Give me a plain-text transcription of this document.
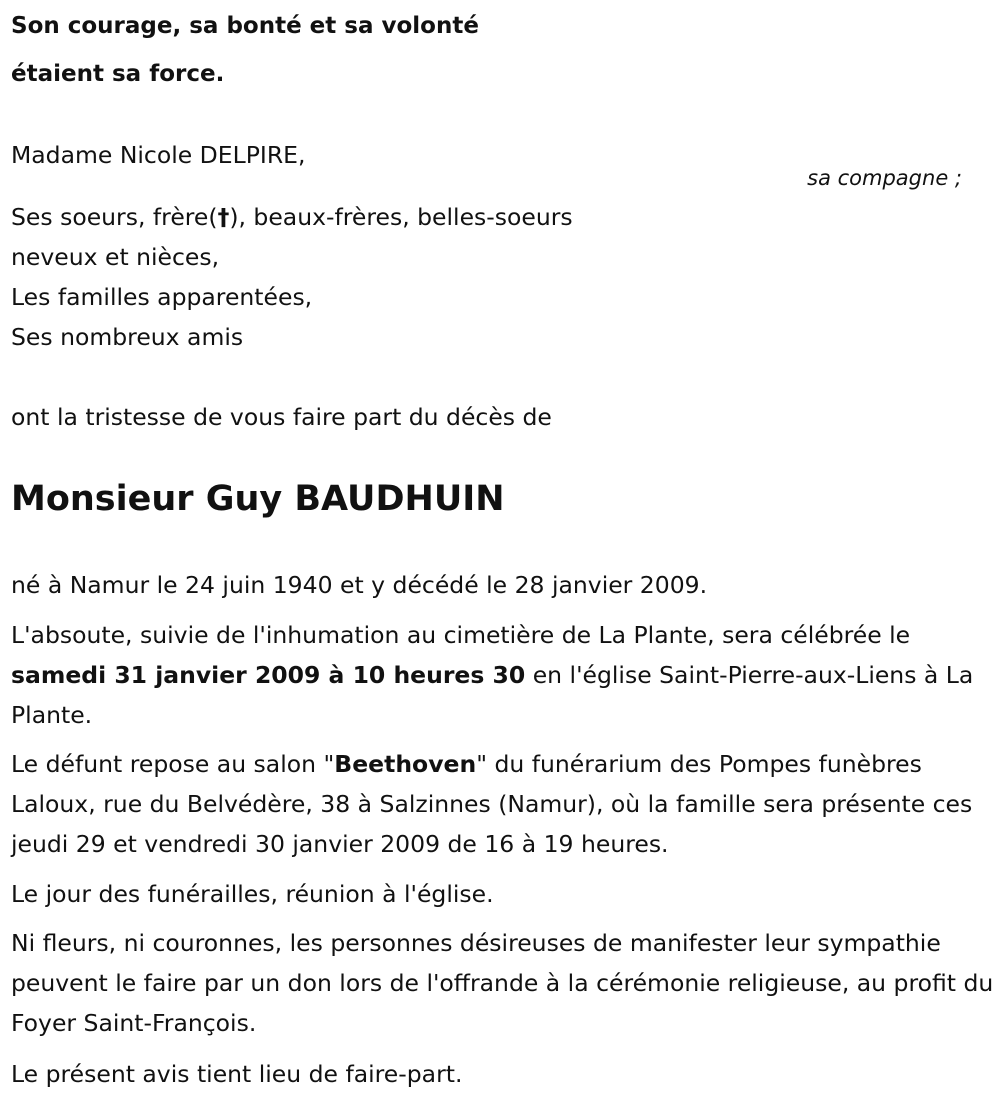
Son courage, sa bonté et sa volonté

étaient sa force.

Madame Nicole DELPIRE,

sa compagne ;

Ses soeurs, frère(†), beaux-frères, belles-soeurs

neveux et nièces,

Les familles apparentées,

Ses nombreux amis

ont la tristesse de vous faire part du décès de

Monsieur Guy BAUDHUIN

né à Namur le 24 juin 1940 et y décédé le 28 janvier 2009.

L'absoute, suivie de l'inhumation au cimetière de La Plante, sera célébrée le samedi 31 janvier 2009 à 10 heures 30 en l'église Saint-Pierre-aux-Liens à La Plante.

Le défunt repose au salon "Beethoven" du funérarium des Pompes funèbres Laloux, rue du Belvédère, 38 à Salzinnes (Namur), où la famille sera présente ces jeudi 29 et vendredi 30 janvier 2009 de 16 à 19 heures.

Le jour des funérailles, réunion à l'église.

Ni fleurs, ni couronnes, les personnes désireuses de manifester leur sympathie peuvent le faire par un don lors de l'offrande à la cérémonie religieuse, au profit du Foyer Saint-François.

Le présent avis tient lieu de faire-part.
